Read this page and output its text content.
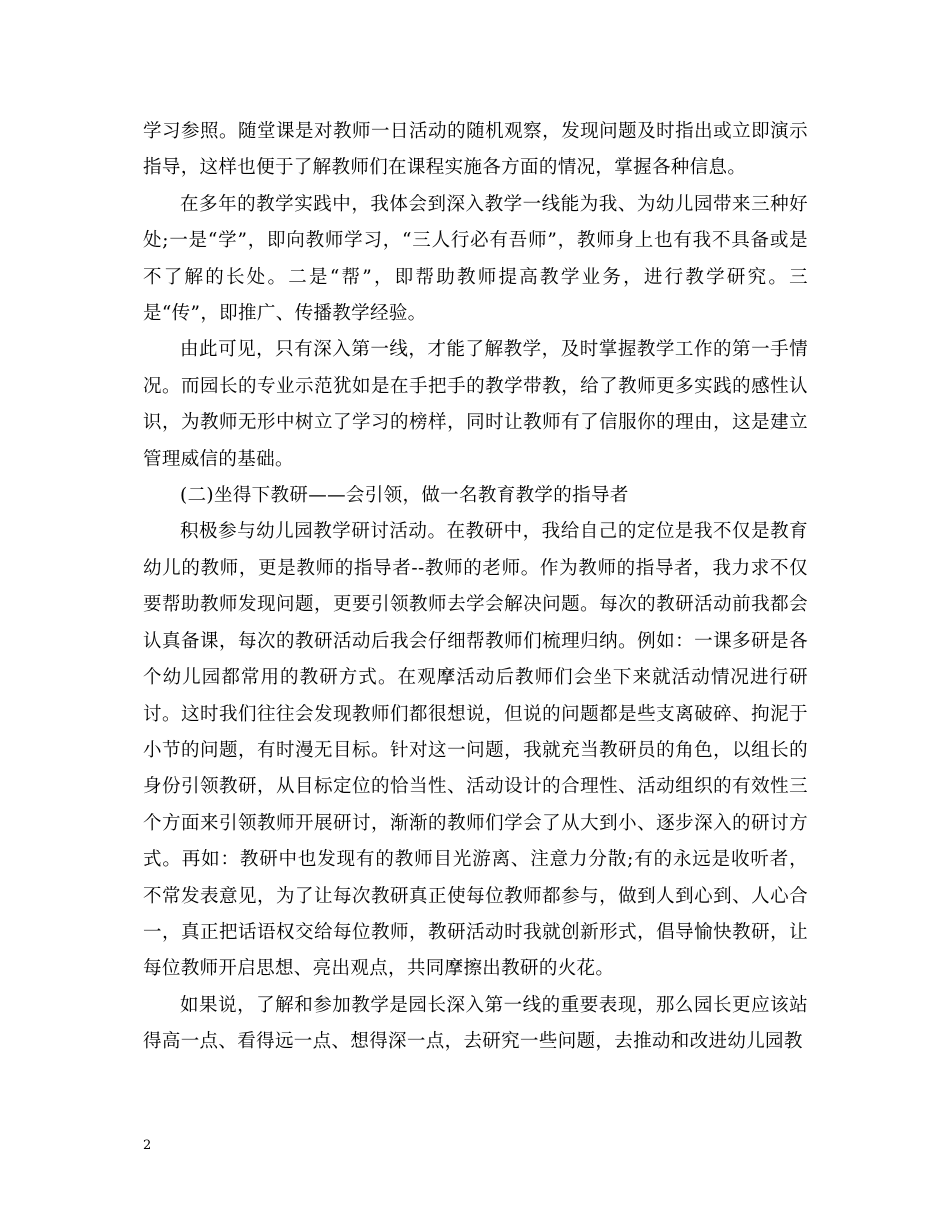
学习参照。随堂课是对教师一日活动的随机观察，发现问题及时指出或立即演示指导，这样也便于了解教师们在课程实施各方面的情况，掌握各种信息。

在多年的教学实践中，我体会到深入教学一线能为我、为幼儿园带来三种好处;一是“学”，即向教师学习，“三人行必有吾师”，教师身上也有我不具备或是不了解的长处。二是“帮”，即帮助教师提高教学业务，进行教学研究。三是“传”，即推广、传播教学经验。

由此可见，只有深入第一线，才能了解教学，及时掌握教学工作的第一手情况。而园长的专业示范犹如是在手把手的教学带教，给了教师更多实践的感性认识，为教师无形中树立了学习的榜样，同时让教师有了信服你的理由，这是建立管理威信的基础。

(二)坐得下教研——会引领，做一名教育教学的指导者

积极参与幼儿园教学研讨活动。在教研中，我给自己的定位是我不仅是教育幼儿的教师，更是教师的指导者--教师的老师。作为教师的指导者，我力求不仅要帮助教师发现问题，更要引领教师去学会解决问题。每次的教研活动前我都会认真备课，每次的教研活动后我会仔细帮教师们梳理归纳。例如：一课多研是各个幼儿园都常用的教研方式。在观摩活动后教师们会坐下来就活动情况进行研讨。这时我们往往会发现教师们都很想说，但说的问题都是些支离破碎、拘泥于小节的问题，有时漫无目标。针对这一问题，我就充当教研员的角色，以组长的身份引领教研，从目标定位的恰当性、活动设计的合理性、活动组织的有效性三个方面来引领教师开展研讨，渐渐的教师们学会了从大到小、逐步深入的研讨方式。再如：教研中也发现有的教师目光游离、注意力分散;有的永远是收听者，不常发表意见，为了让每次教研真正使每位教师都参与，做到人到心到、人心合一，真正把话语权交给每位教师，教研活动时我就创新形式，倡导愉快教研，让每位教师开启思想、亮出观点，共同摩擦出教研的火花。

如果说，了解和参加教学是园长深入第一线的重要表现，那么园长更应该站得高一点、看得远一点、想得深一点，去研究一些问题，去推动和改进幼儿园教

2
